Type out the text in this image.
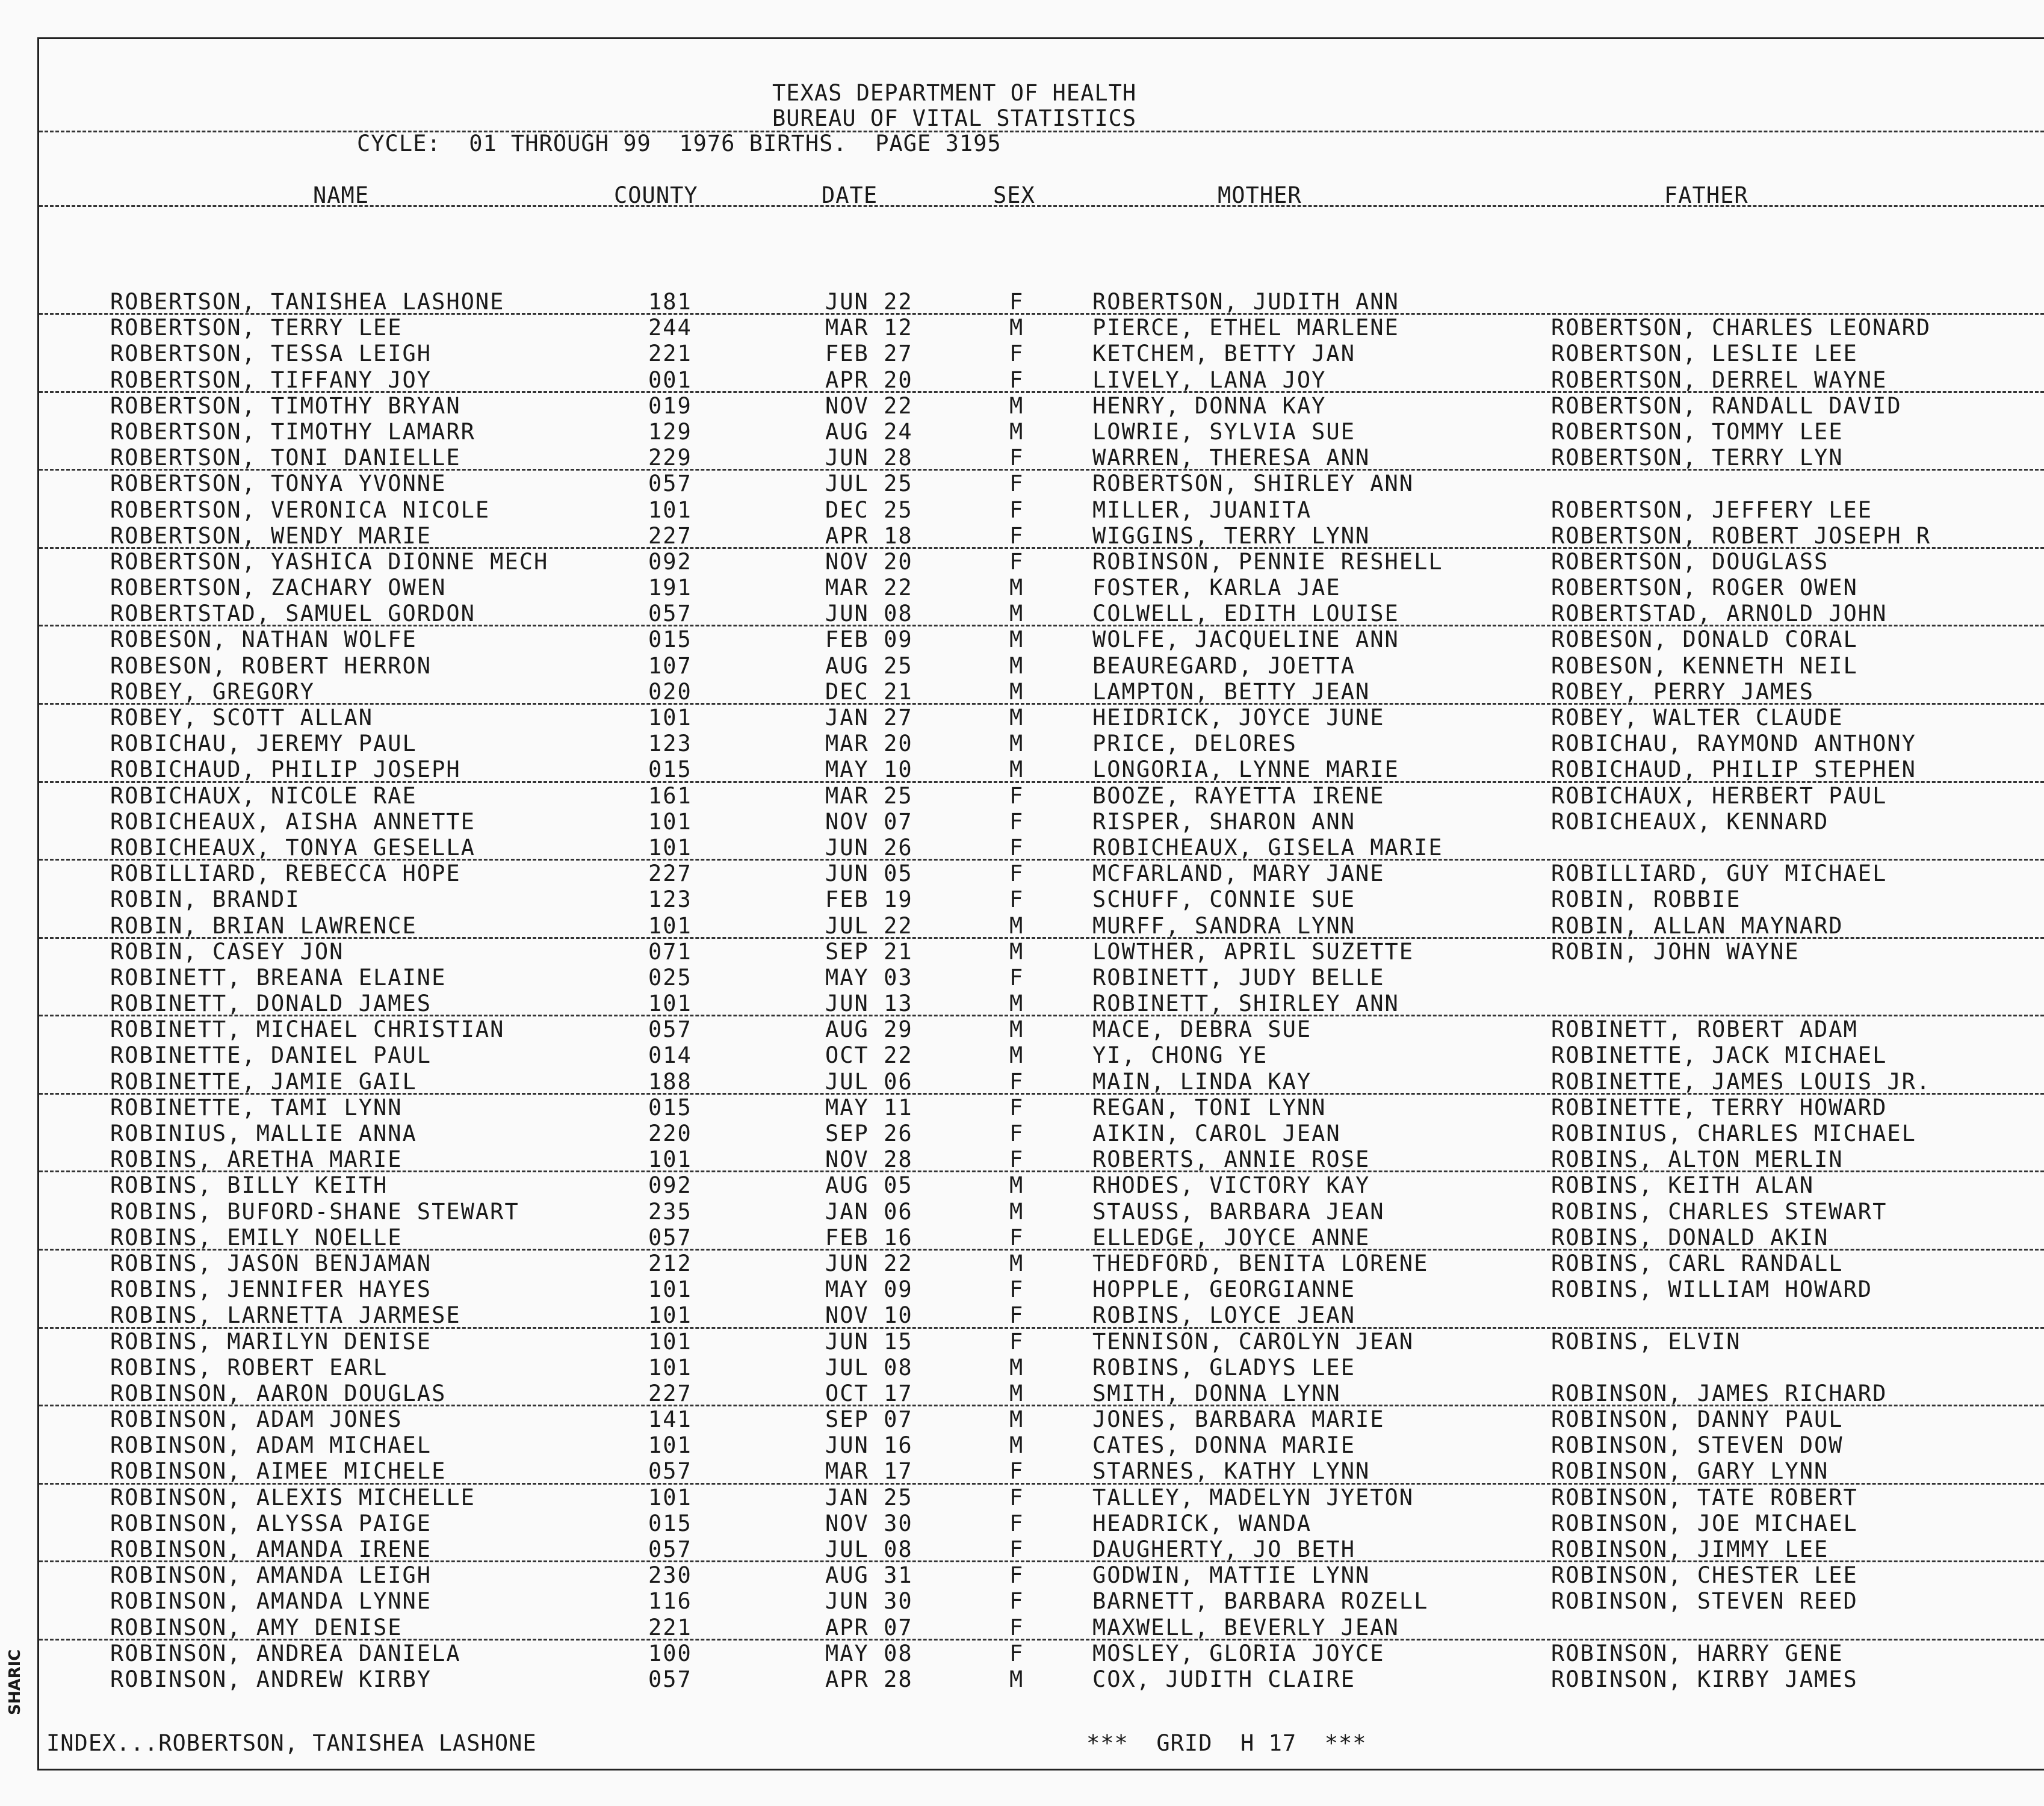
TEXAS DEPARTMENT OF HEALTH
BUREAU OF VITAL STATISTICS
CYCLE:  01 THROUGH 99  1976 BIRTHS.  PAGE 3195
NAME	COUNTY	DATE	SEX	MOTHER	FATHER
ROBERTSON, TANISHEA LASHONE	181	JUN 22	F	ROBERTSON, JUDITH ANN
ROBERTSON, TERRY LEE	244	MAR 12	M	PIERCE, ETHEL MARLENE	ROBERTSON, CHARLES LEONARD
ROBERTSON, TESSA LEIGH	221	FEB 27	F	KETCHEM, BETTY JAN	ROBERTSON, LESLIE LEE
ROBERTSON, TIFFANY JOY	001	APR 20	F	LIVELY, LANA JOY	ROBERTSON, DERREL WAYNE
ROBERTSON, TIMOTHY BRYAN	019	NOV 22	M	HENRY, DONNA KAY	ROBERTSON, RANDALL DAVID
ROBERTSON, TIMOTHY LAMARR	129	AUG 24	M	LOWRIE, SYLVIA SUE	ROBERTSON, TOMMY LEE
ROBERTSON, TONI DANIELLE	229	JUN 28	F	WARREN, THERESA ANN	ROBERTSON, TERRY LYN
ROBERTSON, TONYA YVONNE	057	JUL 25	F	ROBERTSON, SHIRLEY ANN
ROBERTSON, VERONICA NICOLE	101	DEC 25	F	MILLER, JUANITA	ROBERTSON, JEFFERY LEE
ROBERTSON, WENDY MARIE	227	APR 18	F	WIGGINS, TERRY LYNN	ROBERTSON, ROBERT JOSEPH R
ROBERTSON, YASHICA DIONNE MECH	092	NOV 20	F	ROBINSON, PENNIE RESHELL	ROBERTSON, DOUGLASS
ROBERTSON, ZACHARY OWEN	191	MAR 22	M	FOSTER, KARLA JAE	ROBERTSON, ROGER OWEN
ROBERTSTAD, SAMUEL GORDON	057	JUN 08	M	COLWELL, EDITH LOUISE	ROBERTSTAD, ARNOLD JOHN
ROBESON, NATHAN WOLFE	015	FEB 09	M	WOLFE, JACQUELINE ANN	ROBESON, DONALD CORAL
ROBESON, ROBERT HERRON	107	AUG 25	M	BEAUREGARD, JOETTA	ROBESON, KENNETH NEIL
ROBEY, GREGORY	020	DEC 21	M	LAMPTON, BETTY JEAN	ROBEY, PERRY JAMES
ROBEY, SCOTT ALLAN	101	JAN 27	M	HEIDRICK, JOYCE JUNE	ROBEY, WALTER CLAUDE
ROBICHAU, JEREMY PAUL	123	MAR 20	M	PRICE, DELORES	ROBICHAU, RAYMOND ANTHONY
ROBICHAUD, PHILIP JOSEPH	015	MAY 10	M	LONGORIA, LYNNE MARIE	ROBICHAUD, PHILIP STEPHEN
ROBICHAUX, NICOLE RAE	161	MAR 25	F	BOOZE, RAYETTA IRENE	ROBICHAUX, HERBERT PAUL
ROBICHEAUX, AISHA ANNETTE	101	NOV 07	F	RISPER, SHARON ANN	ROBICHEAUX, KENNARD
ROBICHEAUX, TONYA GESELLA	101	JUN 26	F	ROBICHEAUX, GISELA MARIE
ROBILLIARD, REBECCA HOPE	227	JUN 05	F	MCFARLAND, MARY JANE	ROBILLIARD, GUY MICHAEL
ROBIN, BRANDI	123	FEB 19	F	SCHUFF, CONNIE SUE	ROBIN, ROBBIE
ROBIN, BRIAN LAWRENCE	101	JUL 22	M	MURFF, SANDRA LYNN	ROBIN, ALLAN MAYNARD
ROBIN, CASEY JON	071	SEP 21	M	LOWTHER, APRIL SUZETTE	ROBIN, JOHN WAYNE
ROBINETT, BREANA ELAINE	025	MAY 03	F	ROBINETT, JUDY BELLE
ROBINETT, DONALD JAMES	101	JUN 13	M	ROBINETT, SHIRLEY ANN
ROBINETT, MICHAEL CHRISTIAN	057	AUG 29	M	MACE, DEBRA SUE	ROBINETT, ROBERT ADAM
ROBINETTE, DANIEL PAUL	014	OCT 22	M	YI, CHONG YE	ROBINETTE, JACK MICHAEL
ROBINETTE, JAMIE GAIL	188	JUL 06	F	MAIN, LINDA KAY	ROBINETTE, JAMES LOUIS JR.
ROBINETTE, TAMI LYNN	015	MAY 11	F	REGAN, TONI LYNN	ROBINETTE, TERRY HOWARD
ROBINIUS, MALLIE ANNA	220	SEP 26	F	AIKIN, CAROL JEAN	ROBINIUS, CHARLES MICHAEL
ROBINS, ARETHA MARIE	101	NOV 28	F	ROBERTS, ANNIE ROSE	ROBINS, ALTON MERLIN
ROBINS, BILLY KEITH	092	AUG 05	M	RHODES, VICTORY KAY	ROBINS, KEITH ALAN
ROBINS, BUFORD-SHANE STEWART	235	JAN 06	M	STAUSS, BARBARA JEAN	ROBINS, CHARLES STEWART
ROBINS, EMILY NOELLE	057	FEB 16	F	ELLEDGE, JOYCE ANNE	ROBINS, DONALD AKIN
ROBINS, JASON BENJAMAN	212	JUN 22	M	THEDFORD, BENITA LORENE	ROBINS, CARL RANDALL
ROBINS, JENNIFER HAYES	101	MAY 09	F	HOPPLE, GEORGIANNE	ROBINS, WILLIAM HOWARD
ROBINS, LARNETTA JARMESE	101	NOV 10	F	ROBINS, LOYCE JEAN
ROBINS, MARILYN DENISE	101	JUN 15	F	TENNISON, CAROLYN JEAN	ROBINS, ELVIN
ROBINS, ROBERT EARL	101	JUL 08	M	ROBINS, GLADYS LEE
ROBINSON, AARON DOUGLAS	227	OCT 17	M	SMITH, DONNA LYNN	ROBINSON, JAMES RICHARD
ROBINSON, ADAM JONES	141	SEP 07	M	JONES, BARBARA MARIE	ROBINSON, DANNY PAUL
ROBINSON, ADAM MICHAEL	101	JUN 16	M	CATES, DONNA MARIE	ROBINSON, STEVEN DOW
ROBINSON, AIMEE MICHELE	057	MAR 17	F	STARNES, KATHY LYNN	ROBINSON, GARY LYNN
ROBINSON, ALEXIS MICHELLE	101	JAN 25	F	TALLEY, MADELYN JYETON	ROBINSON, TATE ROBERT
ROBINSON, ALYSSA PAIGE	015	NOV 30	F	HEADRICK, WANDA	ROBINSON, JOE MICHAEL
ROBINSON, AMANDA IRENE	057	JUL 08	F	DAUGHERTY, JO BETH	ROBINSON, JIMMY LEE
ROBINSON, AMANDA LEIGH	230	AUG 31	F	GODWIN, MATTIE LYNN	ROBINSON, CHESTER LEE
ROBINSON, AMANDA LYNNE	116	JUN 30	F	BARNETT, BARBARA ROZELL	ROBINSON, STEVEN REED
ROBINSON, AMY DENISE	221	APR 07	F	MAXWELL, BEVERLY JEAN
ROBINSON, ANDREA DANIELA	100	MAY 08	F	MOSLEY, GLORIA JOYCE	ROBINSON, HARRY GENE
ROBINSON, ANDREW KIRBY	057	APR 28	M	COX, JUDITH CLAIRE	ROBINSON, KIRBY JAMES
INDEX...ROBERTSON, TANISHEA LASHONE	***  GRID  H 17  ***
SHARIC
